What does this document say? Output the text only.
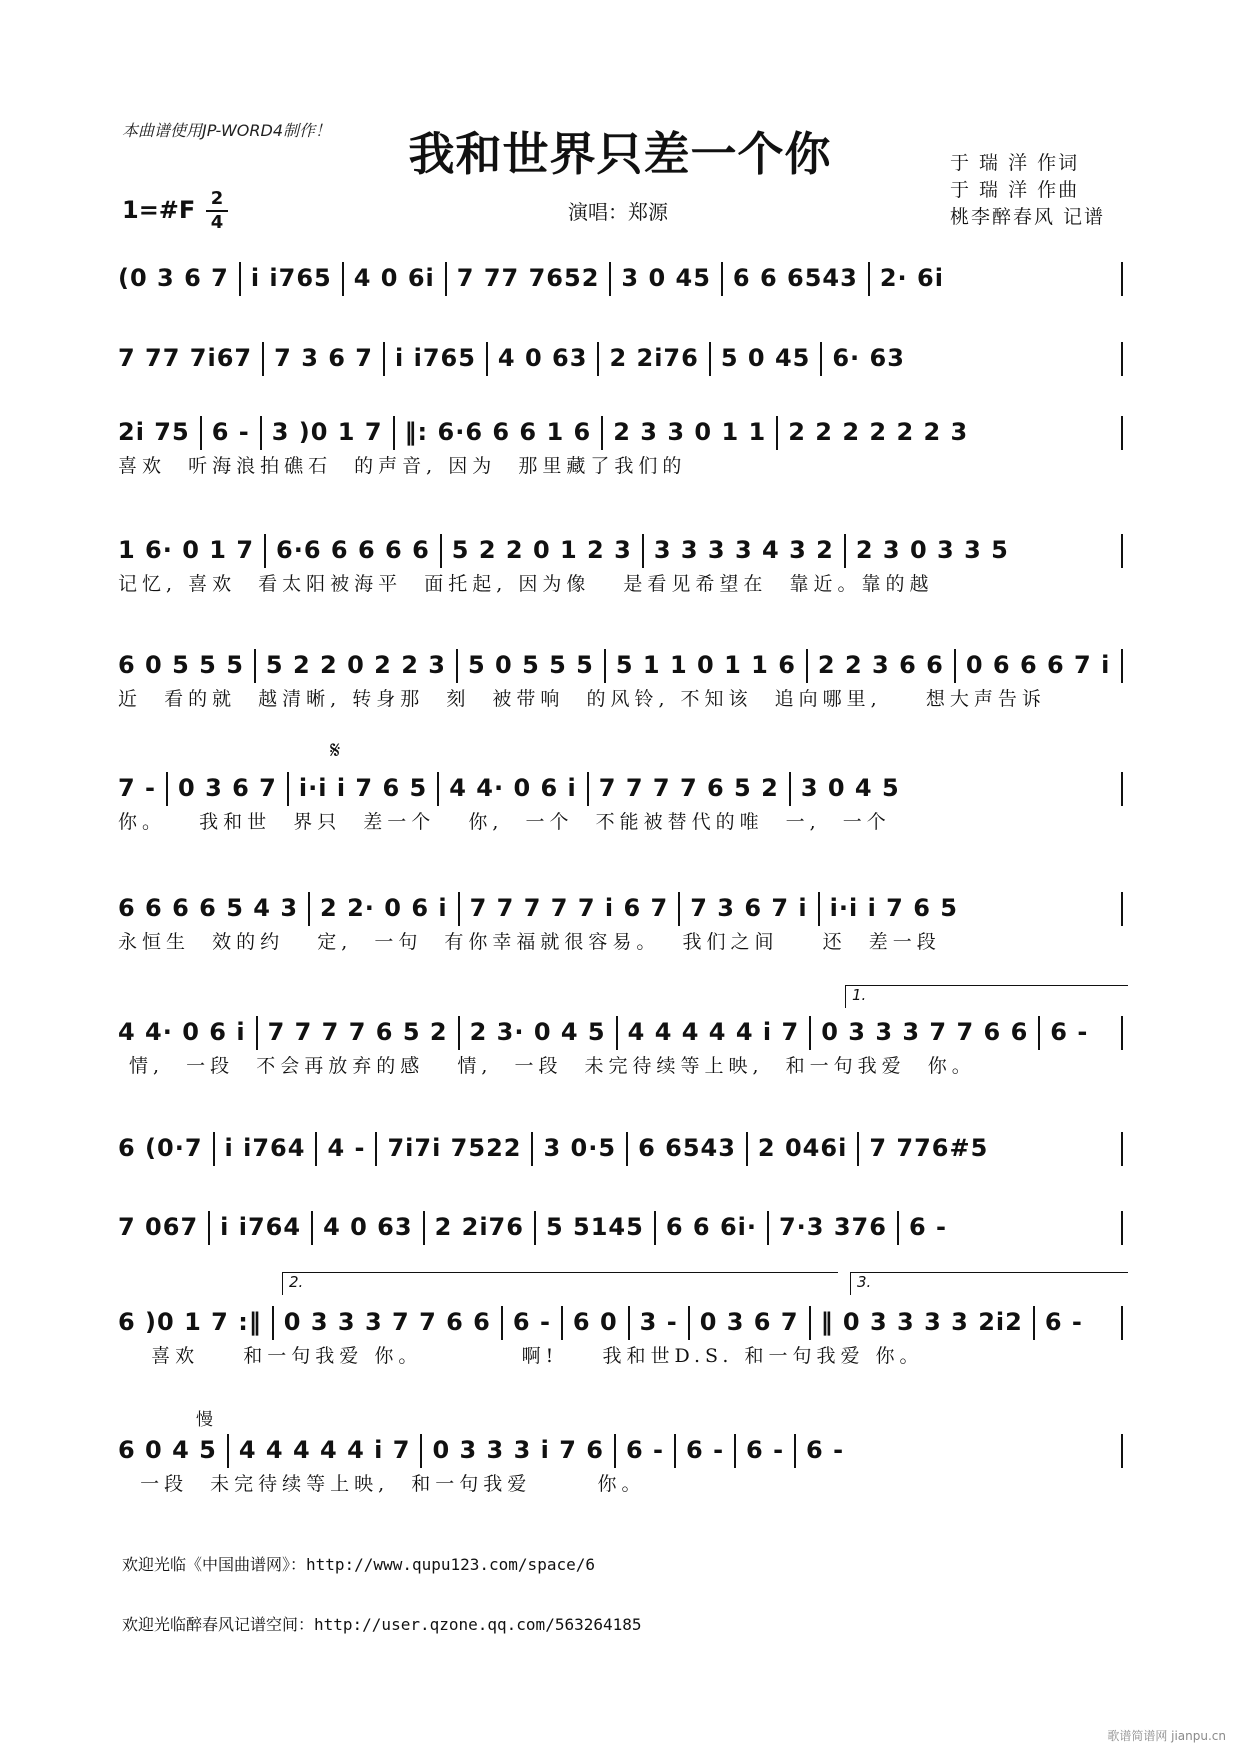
本曲谱使用JP-WORD4制作！	我和世界只差一个你	于 瑞 洋 作词
于 瑞 洋 作曲
桃李醉春风 记谱
1=#F 2
4	演唱：郑源
𝄋
慢
1.
2.	3.
(0 3 6 7 i i765 4 0 6i 7 77 7652 3 0 45 6 6 6543 2· 6i
7 77 7i67 7 3 6 7 i i765 4 0 63 2 2i76 5 0 45 6· 63
2i 75 6 - 3 )0 1 7 ‖: 6·6 6 6 1 6 2 3 3 0 1 1 2 2 2 2 2 2 3
喜欢  听海浪拍礁石  的声音, 因为  那里藏了我们的
1 6· 0 1 7 6·6 6 6 6 6 5 2 2 0 1 2 3 3 3 3 3 4 3 2 2 3 0 3 3 5
记忆, 喜欢  看太阳被海平  面托起, 因为像   是看见希望在  靠近。靠的越
6 0 5 5 5 5 2 2 0 2 2 3 5 0 5 5 5 5 1 1 0 1 1 6 2 2 3 6 6 0 6 6 6 7 i
近  看的就  越清晰, 转身那  刻  被带响  的风铃, 不知该  追向哪里,    想大声告诉
7 - 0 3 6 7 i·i i 7 6 5 4 4· 0 6 i 7 7 7 7 6 5 2 3 0 4 5
你。   我和世  界只  差一个   你,  一个  不能被替代的唯  一,  一个
6 6 6 6 5 4 3 2 2· 0 6 i 7 7 7 7 7 i 6 7 7 3 6 7 i i·i i 7 6 5
永恒生  效的约   定,  一句  有你幸福就很容易。  我们之间    还  差一段
4 4· 0 6 i 7 7 7 7 6 5 2 2 3· 0 4 5 4 4 4 4 4 i 7 0 3 3 3 7 7 6 6 6 -
情,  一段  不会再放弃的感   情,  一段  未完待续等上映,  和一句我爱  你。
6 (0·7 i i764 4 - 7i7i 7522 3 0·5 6 6543 2 046i 7 776#5
7 067 i i764 4 0 63 2 2i76 5 5145 6 6 6i· 7·3 376 6 -
6 )0 1 7 :‖ 0 3 3 3 7 7 6 6 6 - 6 0 3 - 0 3 6 7 ‖ 0 3 3 3 3 2i2 6 -
喜欢    和一句我爱 你。         啊!    我和世D.S. 和一句我爱 你。
6 0 4 5 4 4 4 4 4 i 7 0 3 3 3 i 7 6 6 - 6 - 6 - 6 -
一段  未完待续等上映,  和一句我爱      你。
欢迎光临《中国曲谱网》：http://www.qupu123.com/space/6
欢迎光临醉春风记谱空间：http://user.qzone.qq.com/563264185
歌谱简谱网 jianpu.cn
